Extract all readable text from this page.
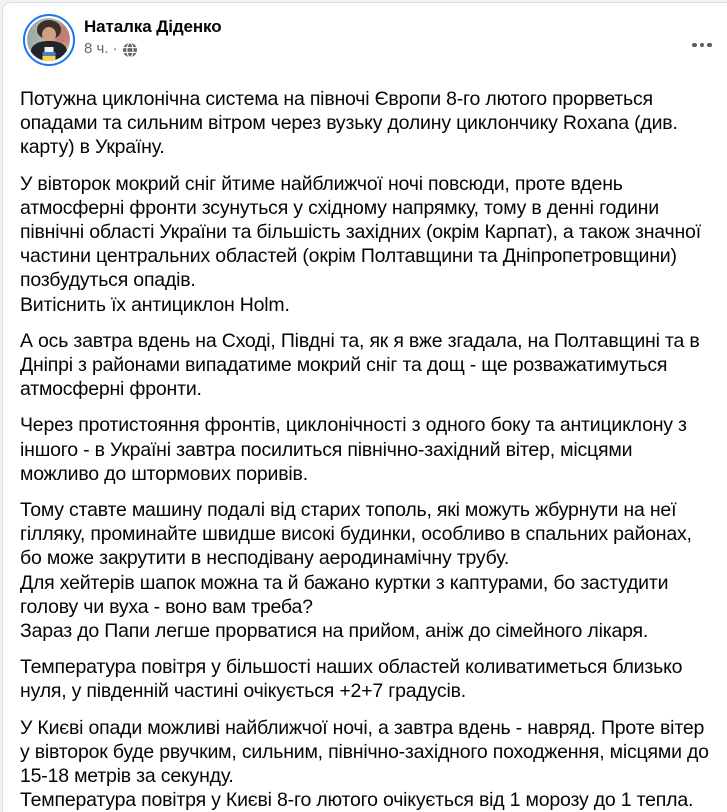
Наталка Діденко
8 ч. ·
Потужна циклонічна система на півночі Європи 8-го лютого прорветься опадами та сильним вітром через вузьку долину циклончику Roxana (див. карту) в Україну.
У вівторок мокрий сніг йтиме найближчої ночі повсюди, проте вдень атмосферні фронти зсунуться у східному напрямку, тому в денні години північні області України та більшість західних (окрім Карпат), а також значної частини центральних областей (окрім Полтавщини та Дніпропетровщини) позбудуться опадів.
Витіснить їх антициклон Holm.
А ось завтра вдень на Сході, Півдні та, як я вже згадала, на Полтавщині та в Дніпрі з районами випадатиме мокрий сніг та дощ - ще розважатимуться атмосферні фронти.
Через протистояння фронтів, циклонічності з одного боку та антициклону з іншого - в Україні завтра посилиться північно-західний вітер, місцями можливо до штормових поривів.
Тому ставте машину подалі від старих тополь, які можуть жбурнути на неї гілляку, проминайте швидше високі будинки, особливо в спальних районах, бо може закрутити в несподівану аеродинамічну трубу.
Для хейтерів шапок можна та й бажано куртки з каптурами, бо застудити голову чи вуха - воно вам треба?
Зараз до Папи легше прорватися на прийом, аніж до сімейного лікаря.
Температура повітря у більшості наших областей коливатиметься близько нуля, у південній частині очікується +2+7 градусів.
У Києві опади можливі найближчої ночі, а завтра вдень - навряд. Проте вітер у вівторок буде рвучким, сильним, північно-західного походження, місцями до 15-18 метрів за секунду.
Температура повітря у Києві 8-го лютого очікується від 1 морозу до 1 тепла.
